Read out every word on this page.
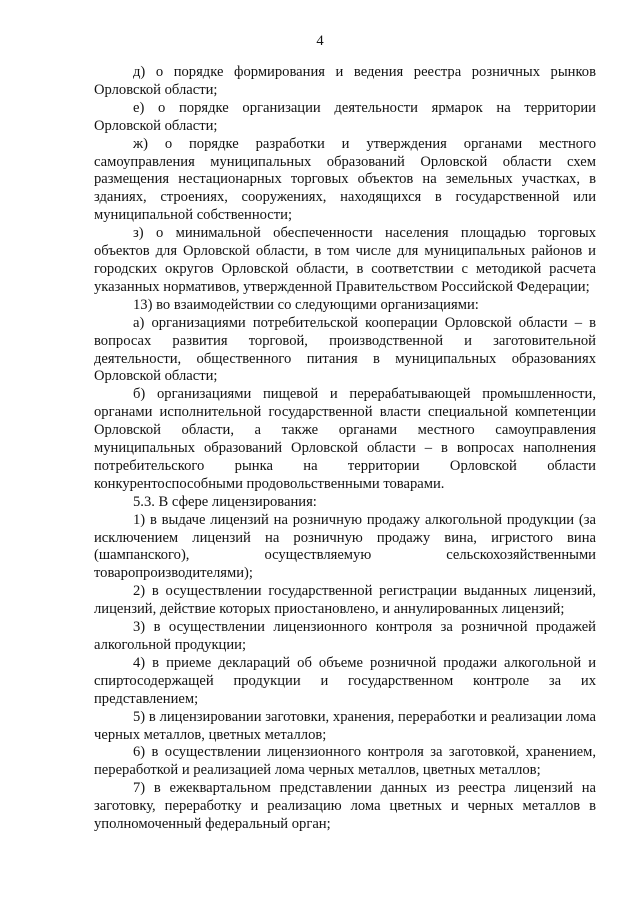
4

д) о порядке формирования и ведения реестра розничных рынков Орловской области;

е) о порядке организации деятельности ярмарок на территории Орловской области;

ж) о порядке разработки и утверждения органами местного самоуправления муниципальных образований Орловской области схем размещения нестационарных торговых объектов на земельных участках, в зданиях, строениях, сооружениях, находящихся в государственной или муниципальной собственности;

з) о минимальной обеспеченности населения площадью торговых объектов для Орловской области, в том числе для муниципальных районов и городских округов Орловской области, в соответствии с методикой расчета указанных нормативов, утвержденной Правительством Российской Федерации;

13) во взаимодействии со следующими организациями:

а) организациями потребительской кооперации Орловской области – в вопросах развития торговой, производственной и заготовительной деятельности, общественного питания в муниципальных образованиях Орловской области;

б) организациями пищевой и перерабатывающей промышленности, органами исполнительной государственной власти специальной компетенции Орловской области, а также органами местного самоуправления муниципальных образований Орловской области – в вопросах наполнения потребительского рынка на территории Орловской области конкурентоспособными продовольственными товарами.

5.3. В сфере лицензирования:

1) в выдаче лицензий на розничную продажу алкогольной продукции (за исключением лицензий на розничную продажу вина, игристого вина (шампанского), осуществляемую сельскохозяйственными товаропроизводителями);

2) в осуществлении государственной регистрации выданных лицензий, лицензий, действие которых приостановлено, и аннулированных лицензий;

3) в осуществлении лицензионного контроля за розничной продажей алкогольной продукции;

4) в приеме деклараций об объеме розничной продажи алкогольной и спиртосодержащей продукции и государственном контроле за их представлением;

5) в лицензировании заготовки, хранения, переработки и реализации лома черных металлов, цветных металлов;

6) в осуществлении лицензионного контроля за заготовкой, хранением, переработкой и реализацией лома черных металлов, цветных металлов;

7) в ежеквартальном представлении данных из реестра лицензий на заготовку, переработку и реализацию лома цветных и черных металлов в уполномоченный федеральный орган;
